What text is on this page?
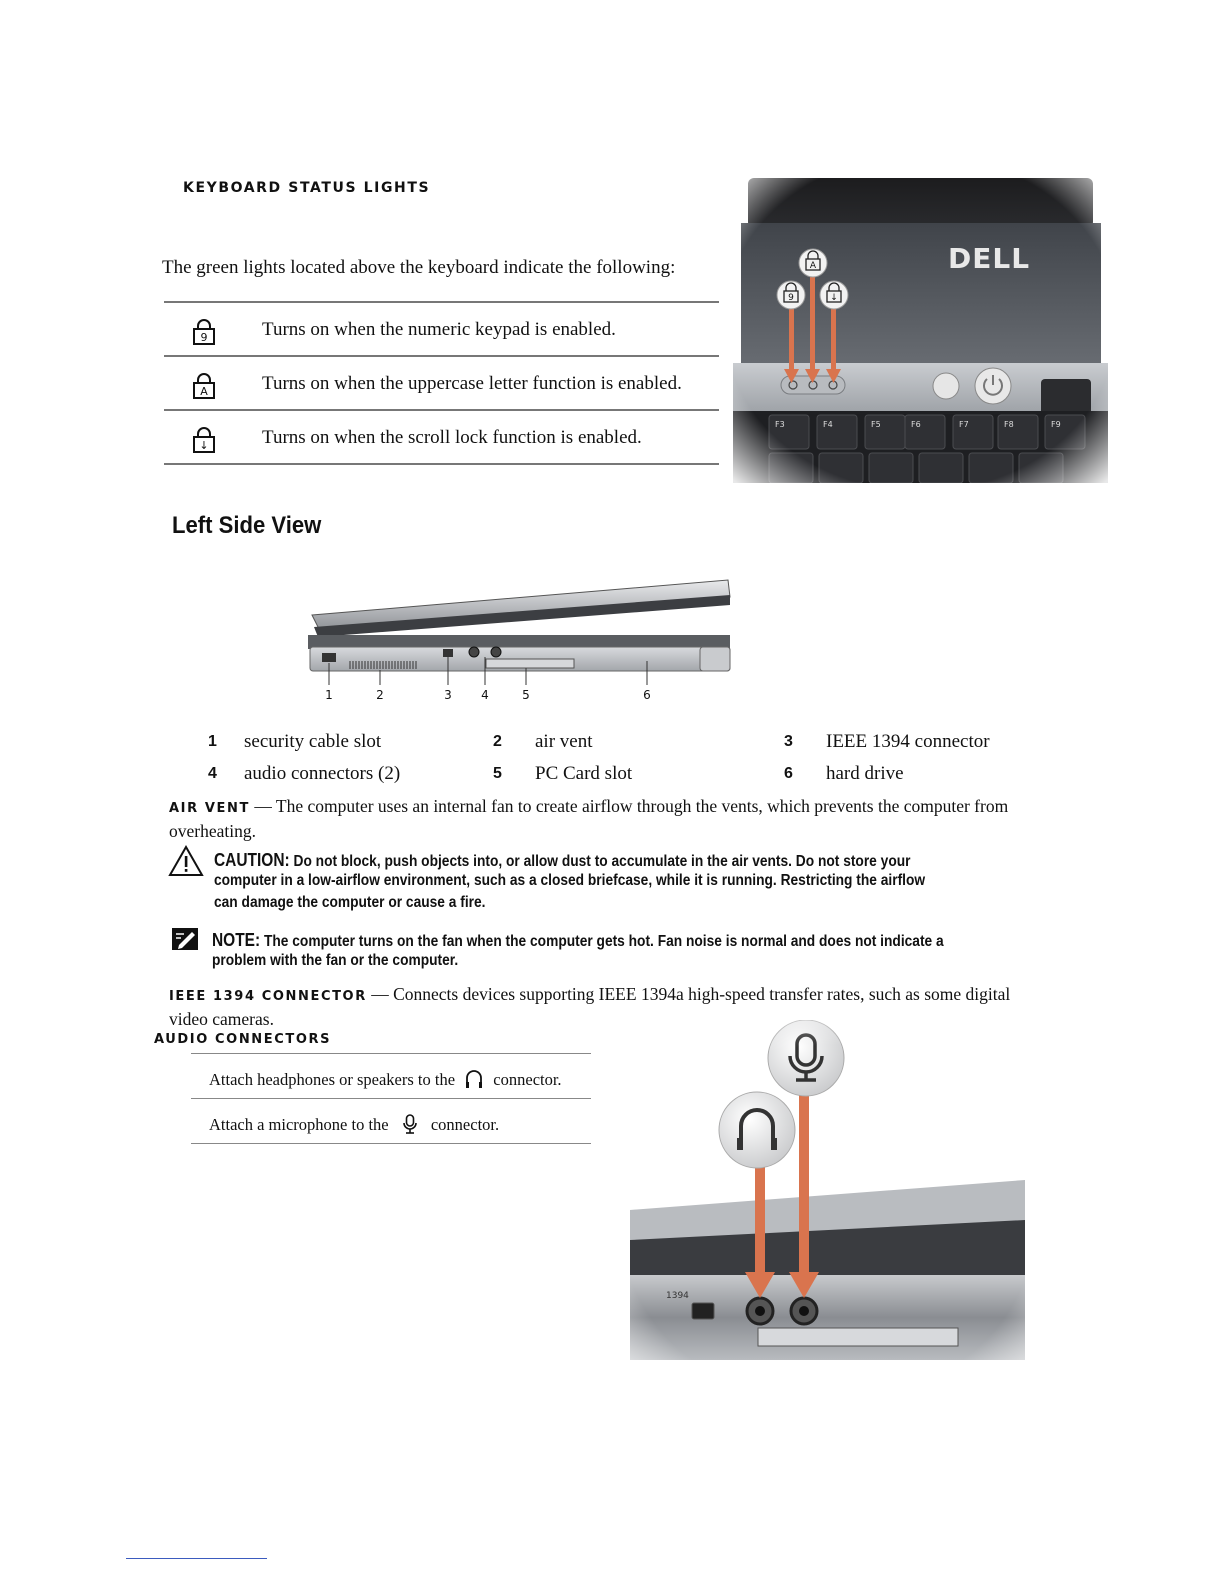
KEYBOARD STATUS LIGHTS
The green lights located above the keyboard indicate the following:
9	Turns on when the numeric keypad is enabled.
A	Turns on when the uppercase letter function is enabled.
↓	Turns on when the scroll lock function is enabled.
Left Side View
1	2	3 4	5	6
1 security cable slot	2 air vent	3 IEEE 1394 connector
4 audio connectors (2)	5 PC Card slot	6 hard drive
AIR VENT — The computer uses an internal fan to create airflow through the vents, which prevents the computer from overheating.
CAUTION: Do not block, push objects into, or allow dust to accumulate in the air vents. Do not store your
computer in a low-airflow environment, such as a closed briefcase, while it is running. Restricting the airflow
can damage the computer or cause a fire.
NOTE: The computer turns on the fan when the computer gets hot. Fan noise is normal and does not indicate a
problem with the fan or the computer.
IEEE 1394 CONNECTOR — Connects devices supporting IEEE 1394a high-speed transfer rates, such as some digital video cameras.
AUDIO CONNECTORS
Attach headphones or speakers to the connector.
Attach a microphone to the	connector.
